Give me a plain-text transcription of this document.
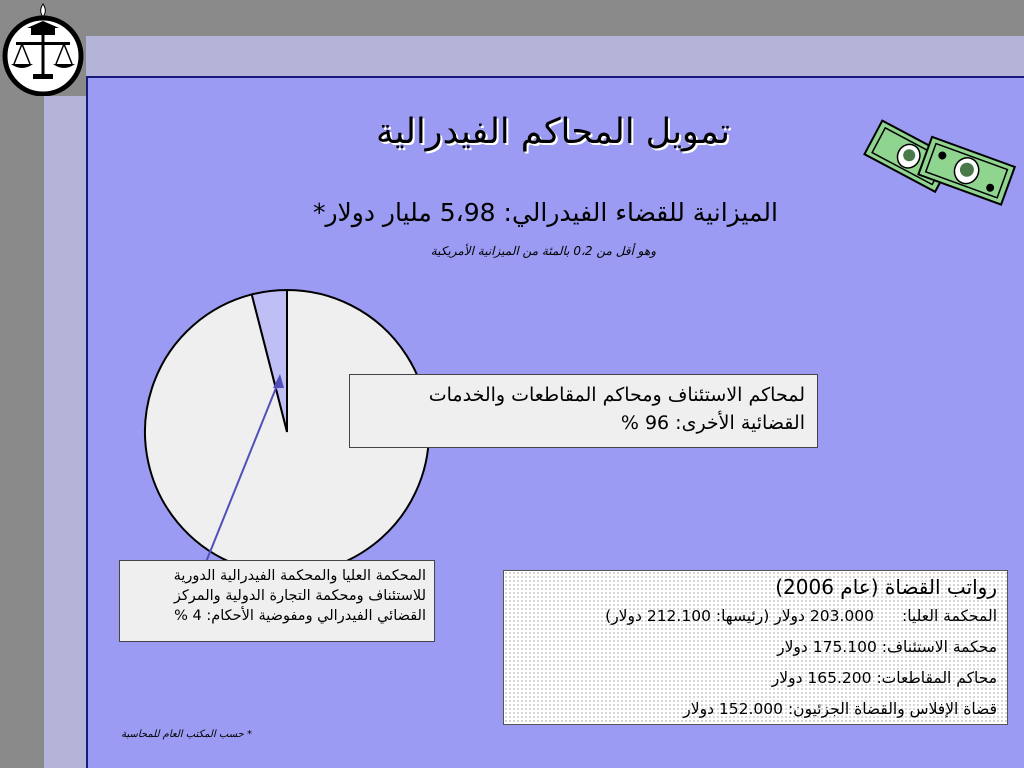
تمويل المحاكم الفيدرالية
الميزانية للقضاء الفيدرالي: 5،98 مليار دولار*
وهو أقل من 0،2 بالمئة من الميزانية الأمريكية
لمحاكم الاستئناف ومحاكم المقاطعات والخدمات
القضائية الأخرى: 96 %
المحكمة العليا والمحكمة الفيدرالية الدورية
للاستئناف ومحكمة التجارة الدولية والمركز
القضائي الفيدرالي ومفوضية الأحكام: 4 %
رواتب القضاة (عام 2006)
المحكمة العليا:203.000 دولار (رئيسها: 212.100 دولار)
محكمة الاستئناف: 175.100 دولار
محاكم المقاطعات: 165.200 دولار
قضاة الإفلاس والقضاة الجزئيون: 152.000 دولار
* حسب المكتب العام للمحاسبة
